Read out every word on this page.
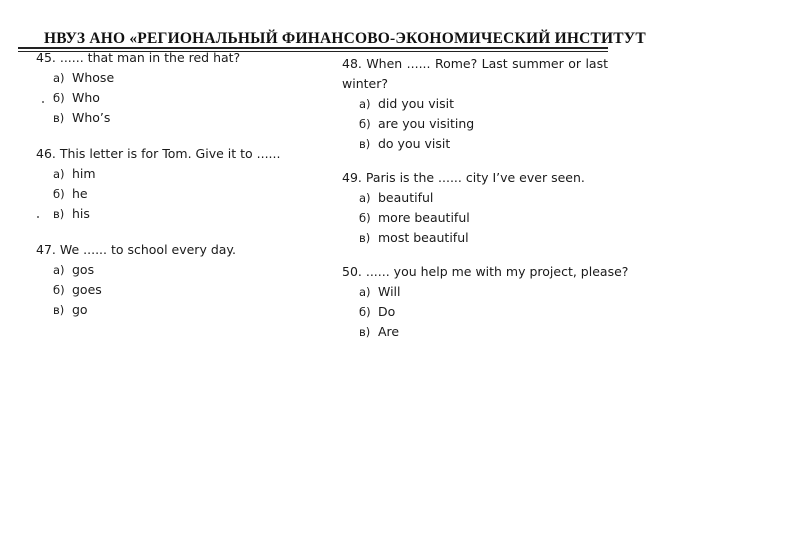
НВУЗ АНО «РЕГИОНАЛЬНЫЙ ФИНАНСОВО-ЭКОНОМИЧЕСКИЙ ИНСТИТУТ
45. ...... that man in the red hat?
а) Whose
б) Who
в) Who’s
46. This letter is for Tom. Give it to ......
а) him
б) he
в) his
47. We ...... to school every day.
а) gos
б) goes
в) go
48. When ...... Rome? Last summer or last winter?
а) did you visit
б) are you visiting
в) do you visit
49. Paris is the ...... city I’ve ever seen.
а) beautiful
б) more beautiful
в) most beautiful
50. ...... you help me with my project, please?
а) Will
б) Do
в) Are
